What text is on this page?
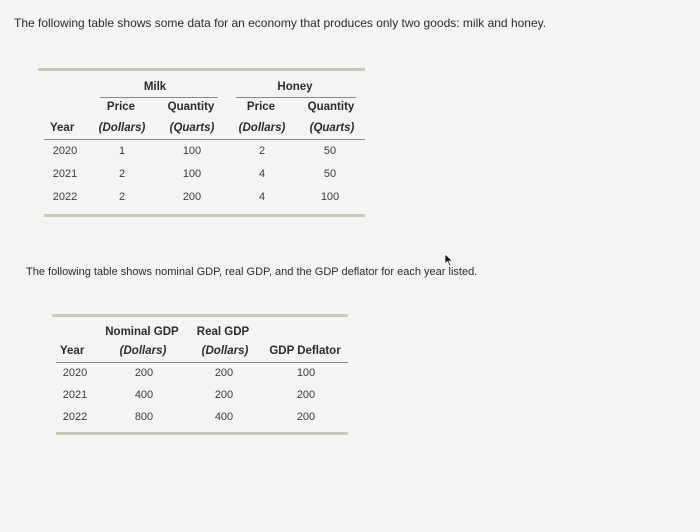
The following table shows some data for an economy that produces only two goods: milk and honey.
Milk	Honey
Price	Quantity	Price	Quantity
Year	(Dollars)	(Quarts)	(Dollars)	(Quarts)
2020	1	100	2	50
2021	2	100	4	50
2022	2	200	4	100
The following table shows nominal GDP, real GDP, and the GDP deflator for each year listed.
Nominal GDP	Real GDP
Year	(Dollars)	(Dollars)	GDP Deflator
2020	200	200	100
2021	400	200	200
2022	800	400	200
